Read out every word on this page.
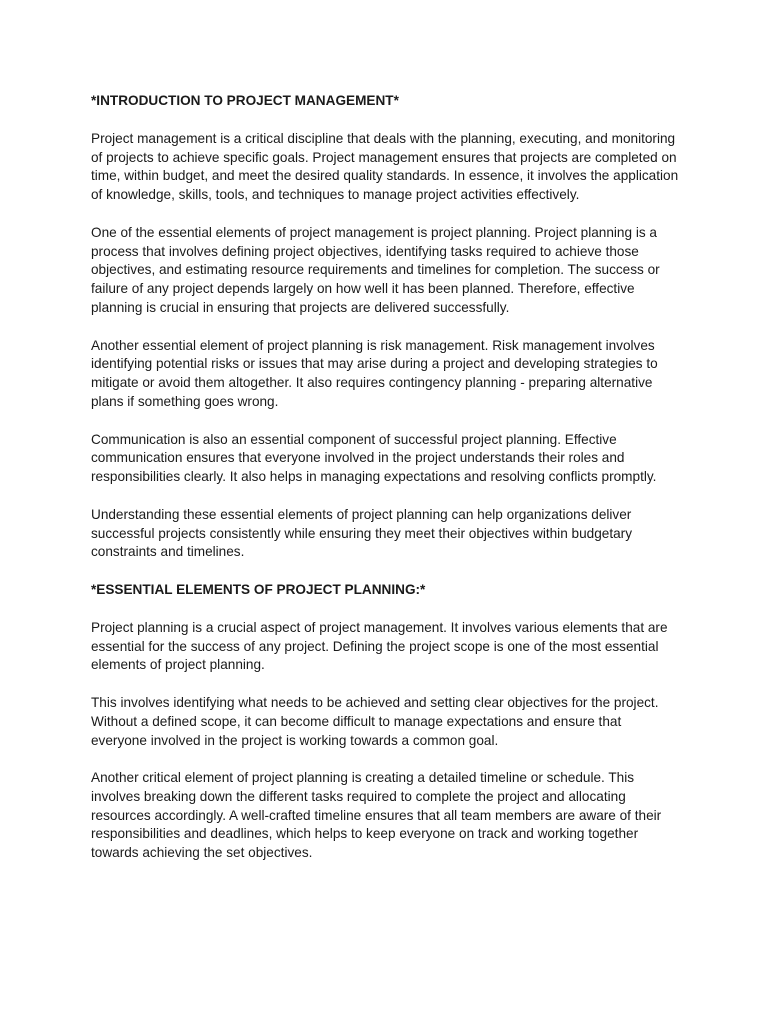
*INTRODUCTION TO PROJECT MANAGEMENT*

Project management is a critical discipline that deals with the planning, executing, and monitoring of projects to achieve specific goals. Project management ensures that projects are completed on time, within budget, and meet the desired quality standards. In essence, it involves the application of knowledge, skills, tools, and techniques to manage project activities effectively.

One of the essential elements of project management is project planning. Project planning is a process that involves defining project objectives, identifying tasks required to achieve those objectives, and estimating resource requirements and timelines for completion. The success or failure of any project depends largely on how well it has been planned. Therefore, effective planning is crucial in ensuring that projects are delivered successfully.

Another essential element of project planning is risk management. Risk management involves identifying potential risks or issues that may arise during a project and developing strategies to mitigate or avoid them altogether. It also requires contingency planning - preparing alternative plans if something goes wrong.

Communication is also an essential component of successful project planning. Effective communication ensures that everyone involved in the project understands their roles and responsibilities clearly. It also helps in managing expectations and resolving conflicts promptly.

Understanding these essential elements of project planning can help organizations deliver successful projects consistently while ensuring they meet their objectives within budgetary constraints and timelines.

*ESSENTIAL ELEMENTS OF PROJECT PLANNING:*

Project planning is a crucial aspect of project management. It involves various elements that are essential for the success of any project. Defining the project scope is one of the most essential elements of project planning.

This involves identifying what needs to be achieved and setting clear objectives for the project. Without a defined scope, it can become difficult to manage expectations and ensure that everyone involved in the project is working towards a common goal.

Another critical element of project planning is creating a detailed timeline or schedule. This involves breaking down the different tasks required to complete the project and allocating resources accordingly. A well-crafted timeline ensures that all team members are aware of their responsibilities and deadlines, which helps to keep everyone on track and working together towards achieving the set objectives.
